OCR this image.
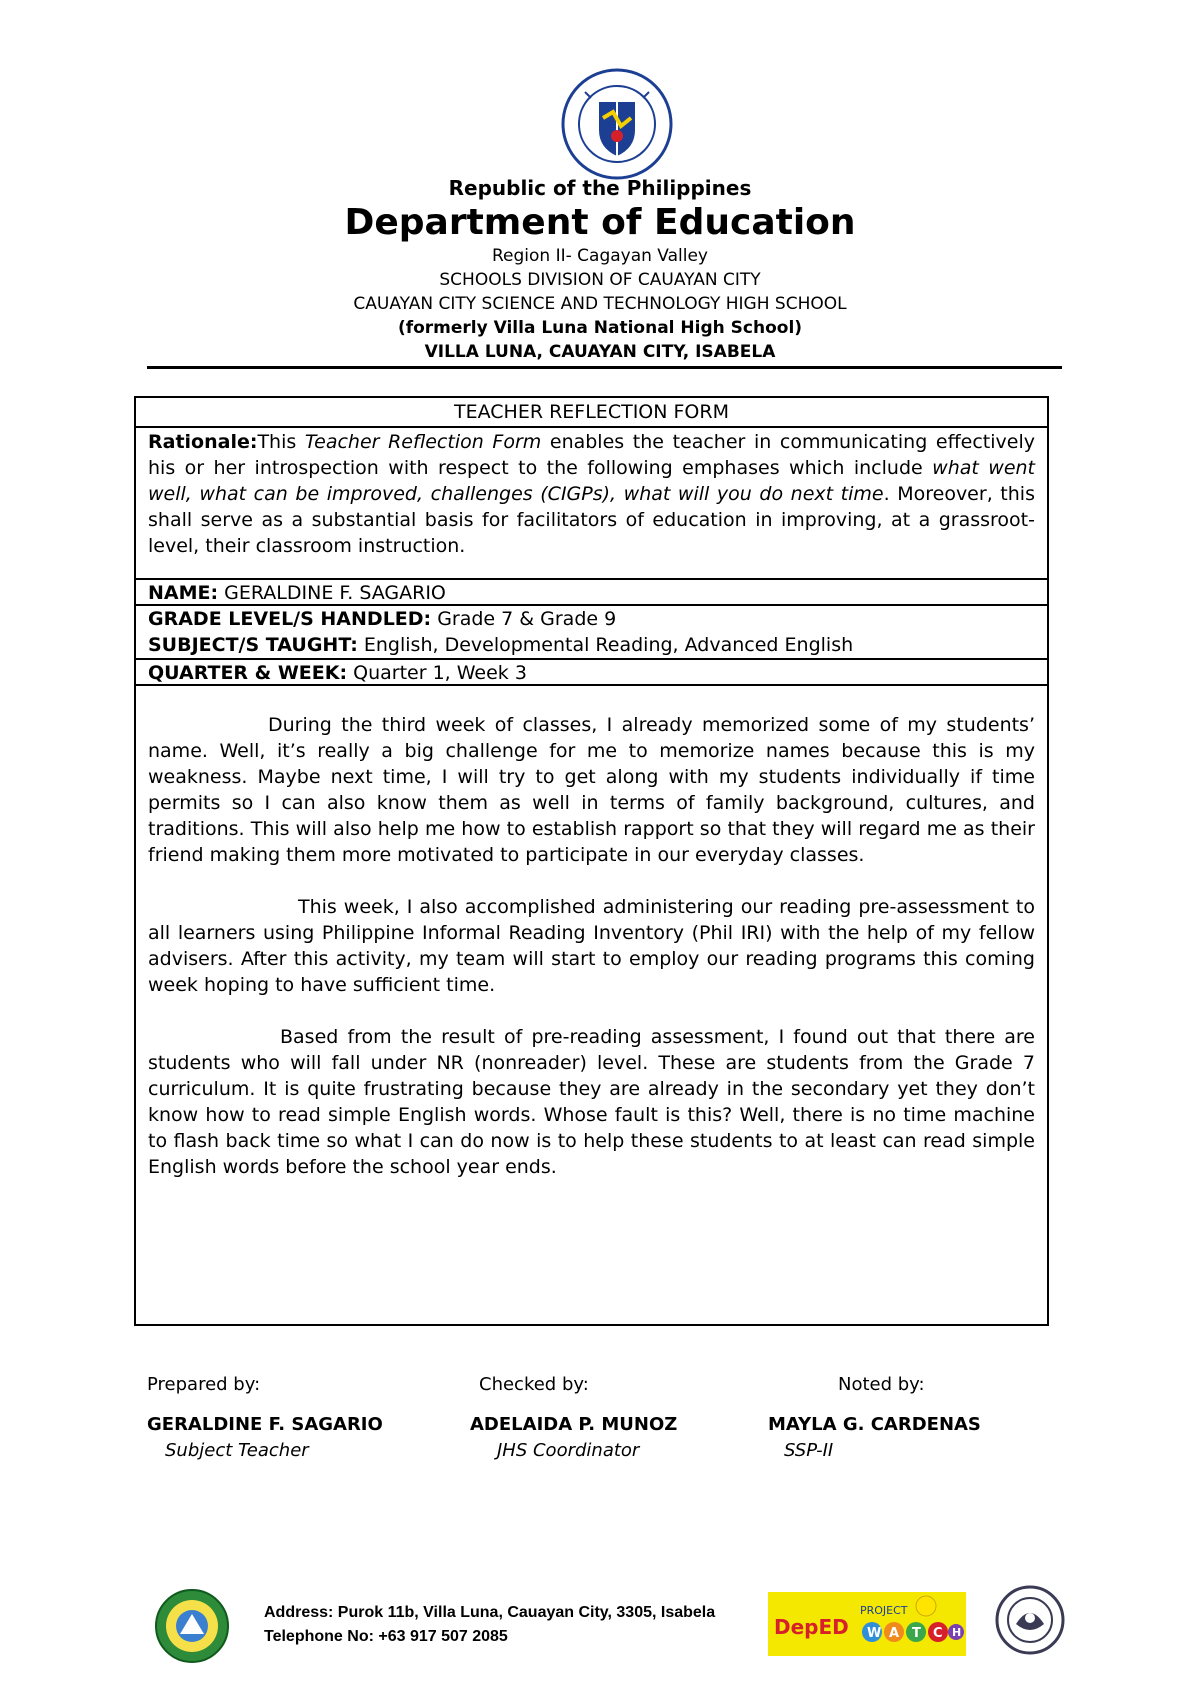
Republic of the Philippines
Department of Education
Region II- Cagayan Valley
SCHOOLS DIVISION OF CAUAYAN CITY
CAUAYAN CITY SCIENCE AND TECHNOLOGY HIGH SCHOOL
(formerly Villa Luna National High School)
VILLA LUNA, CAUAYAN CITY, ISABELA
TEACHER REFLECTION FORM
Rationale:This Teacher Reflection Form enables the teacher in communicating effectively his or her introspection with respect to the following emphases which include what went well, what can be improved, challenges (CIGPs), what will you do next time. Moreover, this shall serve as a substantial basis for facilitators of education in improving, at a grassroot-level, their classroom instruction.
NAME: GERALDINE F. SAGARIO
GRADE LEVEL/S HANDLED: Grade 7 & Grade 9
SUBJECT/S TAUGHT: English, Developmental Reading, Advanced English
QUARTER & WEEK: Quarter 1, Week 3

During the third week of classes, I already memorized some of my students’ name. Well, it’s really a big challenge for me to memorize names because this is my weakness. Maybe next time, I will try to get along with my students individually if time permits so I can also know them as well in terms of family background, cultures, and traditions. This will also help me how to establish rapport so that they will regard me as their friend making them more motivated to participate in our everyday classes.

This week, I also accomplished administering our reading pre-assessment to all learners using Philippine Informal Reading Inventory (Phil IRI) with the help of my fellow advisers. After this activity, my team will start to employ our reading programs this coming week hoping to have sufficient time.

Based from the result of pre-reading assessment, I found out that there are students who will fall under NR (nonreader) level. These are students from the Grade 7 curriculum. It is quite frustrating because they are already in the secondary yet they don’t know how to read simple English words. Whose fault is this? Well, there is no time machine to flash back time so what I can do now is to help these students to at least can read simple English words before the school year ends.

Prepared by:
GERALDINE F. SAGARIO
Subject Teacher
Checked by:
ADELAIDA P. MUNOZ
JHS Coordinator
Noted by:
MAYLA G. CARDENAS
SSP-II
Address: Purok 11b, Villa Luna, Cauayan City, 3305, Isabela
Telephone No: +63 917 507 2085	DepED
PROJECT
W A T C H
